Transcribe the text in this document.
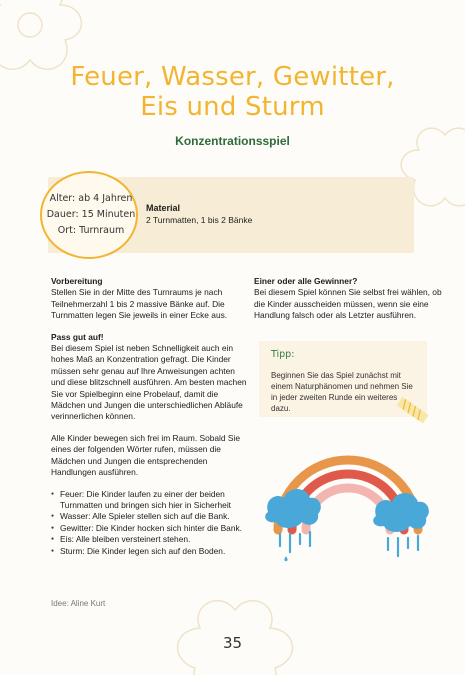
Feuer, Wasser, Gewitter,
Eis und Sturm
Konzentrationsspiel
Alter: ab 4 Jahren
Dauer: 15 Minuten
Ort: Turnraum
Material
2 Turnmatten, 1 bis 2 Bänke
Vorbereitung
Stellen Sie in der Mitte des Turnraums je nach Teilnehmerzahl 1 bis 2 massive Bänke auf. Die Turnmatten legen Sie jeweils in einer Ecke aus.
Pass gut auf!
Bei diesem Spiel ist neben Schnelligkeit auch ein hohes Maß an Konzentration gefragt. Die Kinder müssen sehr genau auf Ihre Anweisungen achten und diese blitzschnell ausführen. Am besten machen Sie vor Spielbeginn eine Probelauf, damit die Mädchen und Jungen die unterschiedlichen Abläufe verinnerlichen können.
Alle Kinder bewegen sich frei im Raum. Sobald Sie eines der folgenden Wörter rufen, müssen die Mädchen und Jungen die entsprechenden Handlungen ausführen.
● Feuer: Die Kinder laufen zu einer der beiden Turnmatten und bringen sich hier in Sicherheit
● Wasser: Alle Spieler stellen sich auf die Bank.
● Gewitter: Die Kinder hocken sich hinter die Bank.
● Eis: Alle bleiben versteinert stehen.
● Sturm: Die Kinder legen sich auf den Boden.
Idee: Aline Kurt
Einer oder alle Gewinner?
Bei diesem Spiel können Sie selbst frei wählen, ob die Kinder ausscheiden müssen, wenn sie eine Handlung falsch oder als Letzter ausführen.
Tipp:
Beginnen Sie das Spiel zunächst mit einem Naturphänomen und nehmen Sie in jeder zweiten Runde ein weiteres dazu.
35
